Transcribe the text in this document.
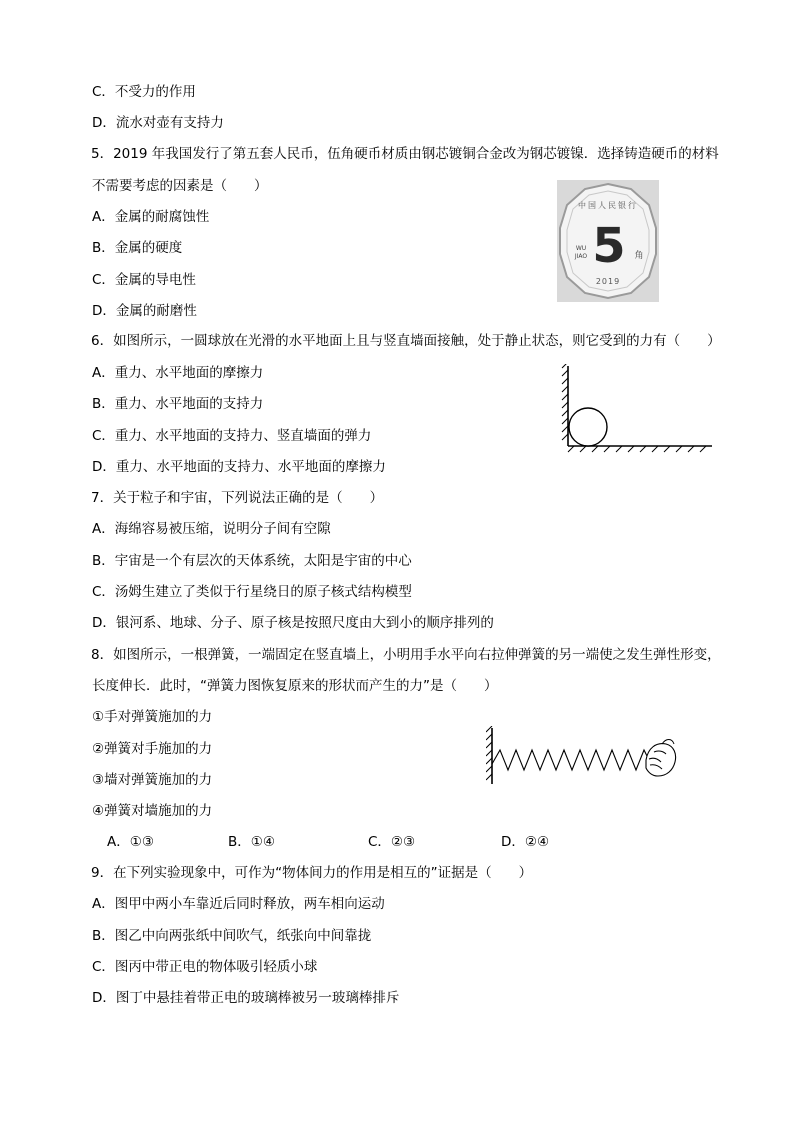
C．不受力的作用
D．流水对壶有支持力
5．2019 年我国发行了第五套人民币，伍角硬币材质由钢芯镀铜合金改为钢芯镀镍．选择铸造硬币的材料
不需要考虑的因素是（　　）
A．金属的耐腐蚀性
B．金属的硬度
C．金属的导电性
D．金属的耐磨性
中国人民银行
5
WU
JIAO	角
2019
6．如图所示，一圆球放在光滑的水平地面上且与竖直墙面接触，处于静止状态，则它受到的力有（　　）
A．重力、水平地面的摩擦力
B．重力、水平地面的支持力
C．重力、水平地面的支持力、竖直墙面的弹力
D．重力、水平地面的支持力、水平地面的摩擦力
7．关于粒子和宇宙，下列说法正确的是（　　）
A．海绵容易被压缩，说明分子间有空隙
B．宇宙是一个有层次的天体系统，太阳是宇宙的中心
C．汤姆生建立了类似于行星绕日的原子核式结构模型
D．银河系、地球、分子、原子核是按照尺度由大到小的顺序排列的
8．如图所示，一根弹簧，一端固定在竖直墙上，小明用手水平向右拉伸弹簧的另一端使之发生弹性形变，
长度伸长．此时，“弹簧力图恢复原来的形状而产生的力”是（　　）
①手对弹簧施加的力
②弹簧对手施加的力
③墙对弹簧施加的力
④弹簧对墙施加的力
A．①③	B．①④	C．②③	D．②④
9．在下列实验现象中，可作为“物体间力的作用是相互的”证据是（　　）
A．图甲中两小车靠近后同时释放，两车相向运动
B．图乙中向两张纸中间吹气，纸张向中间靠拢
C．图丙中带正电的物体吸引轻质小球
D．图丁中悬挂着带正电的玻璃棒被另一玻璃棒排斥
